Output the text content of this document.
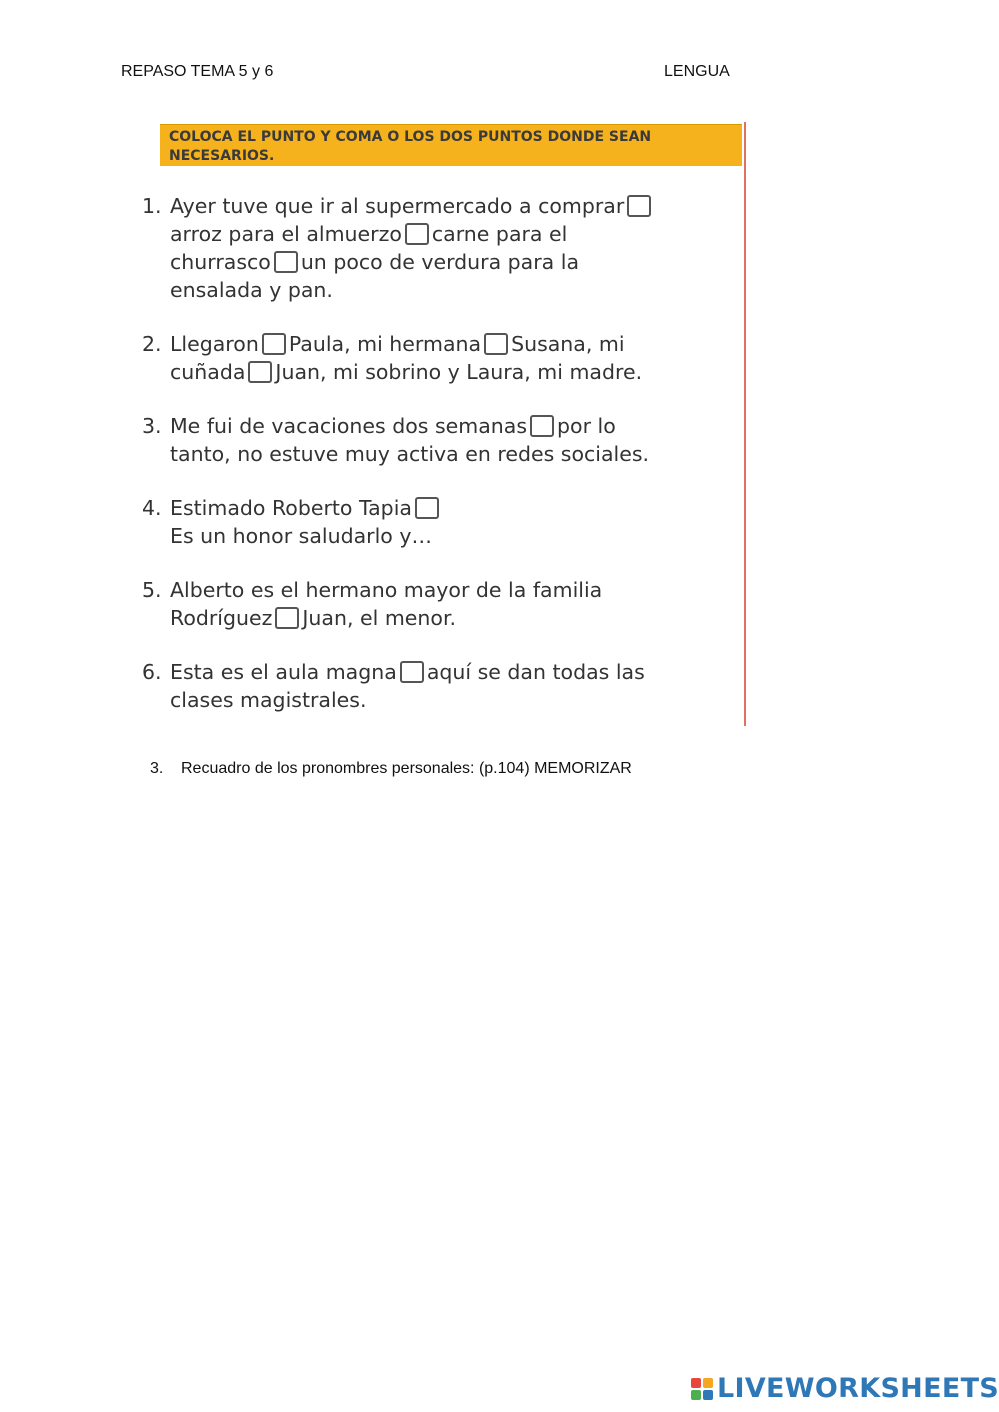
REPASO TEMA 5 y 6	LENGUA
COLOCA EL PUNTO Y COMA O LOS DOS PUNTOS DONDE SEAN
NECESARIOS.
1. Ayer tuve que ir al supermercado a comprar

arroz para el almuerzo carne para el

churrasco un poco de verdura para la

ensalada y pan.

2. Llegaron Paula, mi hermana Susana, mi

cuñada Juan, mi sobrino y Laura, mi madre.

3. Me fui de vacaciones dos semanas por lo

tanto, no estuve muy activa en redes sociales.

4. Estimado Roberto Tapia

Es un honor saludarlo y…

5. Alberto es el hermano mayor de la familia

Rodríguez Juan, el menor.

6. Esta es el aula magna aquí se dan todas las

clases magistrales.

3. Recuadro de los pronombres personales: (p.104) MEMORIZAR
LIVEWORKSHEETS
